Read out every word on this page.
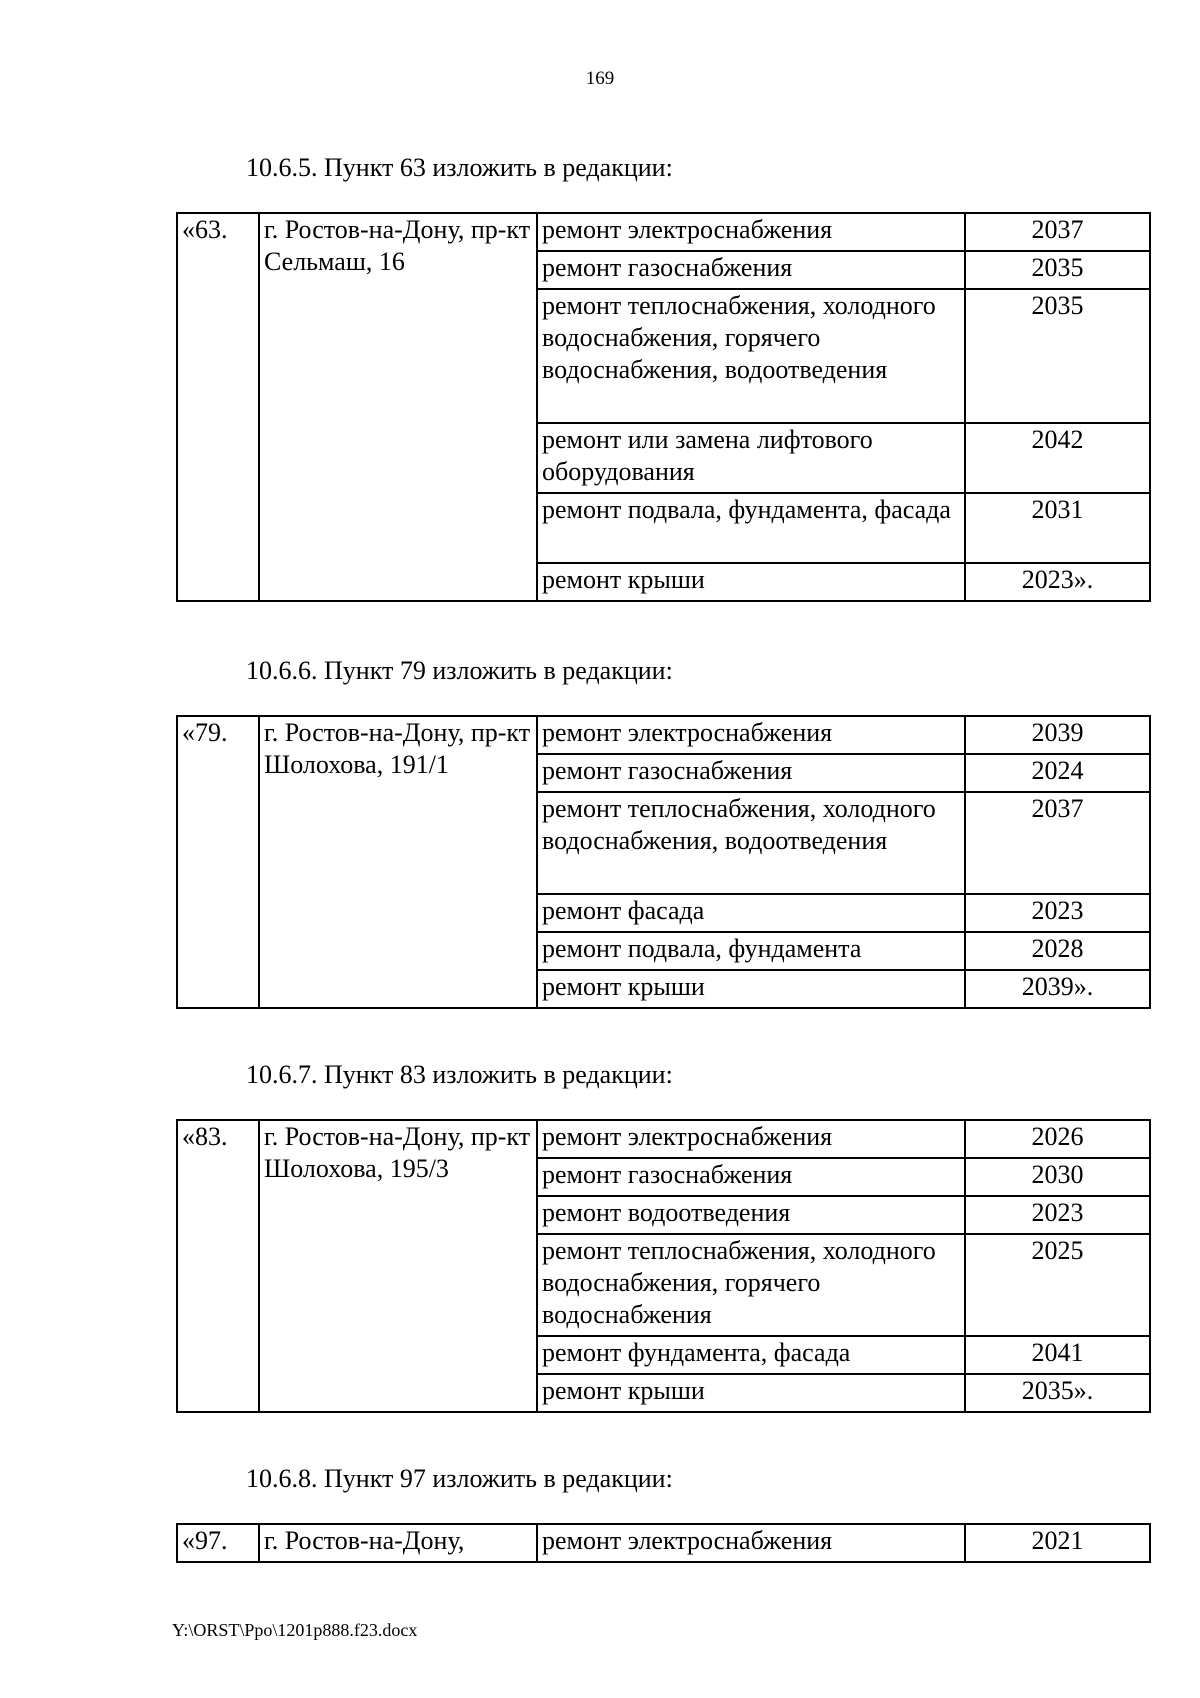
169
10.6.5. Пункт 63 изложить в редакции:
«63.	г. Ростов-на-Дону, пр-кт Сельмаш, 16	ремонт электроснабжения	2037
		ремонт газоснабжения	2035
		ремонт теплоснабжения, холодного водоснабжения, горячего водоснабжения, водоотведения	2035
		ремонт или замена лифтового оборудования	2042
		ремонт подвала, фундамента, фасада	2031
		ремонт крыши	2023».
10.6.6. Пункт 79 изложить в редакции:
«79.	г. Ростов-на-Дону, пр-кт Шолохова, 191/1	ремонт электроснабжения	2039
		ремонт газоснабжения	2024
		ремонт теплоснабжения, холодного водоснабжения, водоотведения	2037
		ремонт фасада	2023
		ремонт подвала, фундамента	2028
		ремонт крыши	2039».
10.6.7. Пункт 83 изложить в редакции:
«83.	г. Ростов-на-Дону, пр-кт Шолохова, 195/3	ремонт электроснабжения	2026
		ремонт газоснабжения	2030
		ремонт водоотведения	2023
		ремонт теплоснабжения, холодного водоснабжения, горячего водоснабжения	2025
		ремонт фундамента, фасада	2041
		ремонт крыши	2035».
10.6.8. Пункт 97 изложить в редакции:
«97.	г. Ростов-на-Дону,	ремонт электроснабжения	2021
Y:\ORST\Ppo\1201p888.f23.docx
